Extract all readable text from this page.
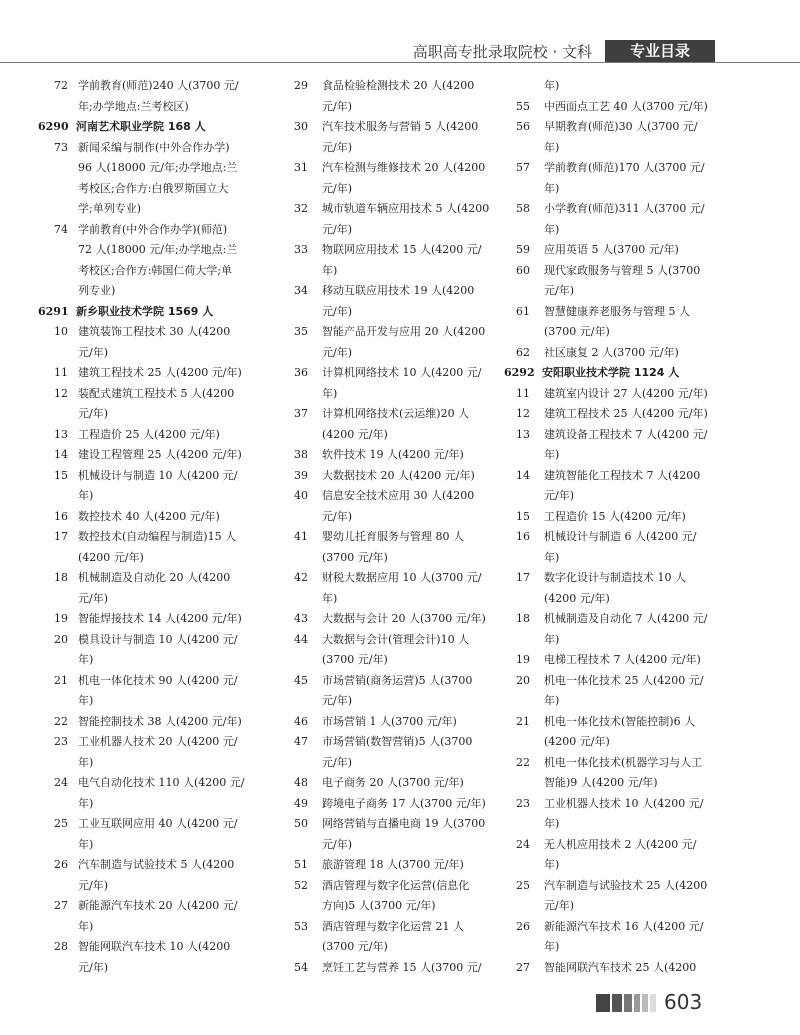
高职高专批录取院校 · 文科	专业目录
72 学前教育(师范)240 人(3700 元/
年;办学地点:兰考校区)
6290 河南艺术职业学院 168 人
73 新闻采编与制作(中外合作办学)
96 人(18000 元/年;办学地点:兰
考校区;合作方:白俄罗斯国立大
学;单列专业)
74 学前教育(中外合作办学)(师范)
72 人(18000 元/年;办学地点:兰
考校区;合作方:韩国仁荷大学;单
列专业)
6291 新乡职业技术学院 1569 人
10 建筑装饰工程技术 30 人(4200
元/年)
11 建筑工程技术 25 人(4200 元/年)
12 装配式建筑工程技术 5 人(4200
元/年)
13 工程造价 25 人(4200 元/年)
14 建设工程管理 25 人(4200 元/年)
15 机械设计与制造 10 人(4200 元/
年)
16 数控技术 40 人(4200 元/年)
17 数控技术(自动编程与制造)15 人
(4200 元/年)
18 机械制造及自动化 20 人(4200
元/年)
19 智能焊接技术 14 人(4200 元/年)
20 模具设计与制造 10 人(4200 元/
年)
21 机电一体化技术 90 人(4200 元/
年)
22 智能控制技术 38 人(4200 元/年)
23 工业机器人技术 20 人(4200 元/
年)
24 电气自动化技术 110 人(4200 元/
年)
25 工业互联网应用 40 人(4200 元/
年)
26 汽车制造与试验技术 5 人(4200
元/年)
27 新能源汽车技术 20 人(4200 元/
年)
28 智能网联汽车技术 10 人(4200
元/年)
29 食品检验检测技术 20 人(4200
元/年)
30 汽车技术服务与营销 5 人(4200
元/年)
31 汽车检测与维修技术 20 人(4200
元/年)
32 城市轨道车辆应用技术 5 人(4200
元/年)
33 物联网应用技术 15 人(4200 元/
年)
34 移动互联应用技术 19 人(4200
元/年)
35 智能产品开发与应用 20 人(4200
元/年)
36 计算机网络技术 10 人(4200 元/
年)
37 计算机网络技术(云运维)20 人
(4200 元/年)
38 软件技术 19 人(4200 元/年)
39 大数据技术 20 人(4200 元/年)
40 信息安全技术应用 30 人(4200
元/年)
41 婴幼儿托育服务与管理 80 人
(3700 元/年)
42 财税大数据应用 10 人(3700 元/
年)
43 大数据与会计 20 人(3700 元/年)
44 大数据与会计(管理会计)10 人
(3700 元/年)
45 市场营销(商务运营)5 人(3700
元/年)
46 市场营销 1 人(3700 元/年)
47 市场营销(数智营销)5 人(3700
元/年)
48 电子商务 20 人(3700 元/年)
49 跨境电子商务 17 人(3700 元/年)
50 网络营销与直播电商 19 人(3700
元/年)
51 旅游管理 18 人(3700 元/年)
52 酒店管理与数字化运营(信息化
方向)5 人(3700 元/年)
53 酒店管理与数字化运营 21 人
(3700 元/年)
54 烹饪工艺与营养 15 人(3700 元/
年)
55 中西面点工艺 40 人(3700 元/年)
56 早期教育(师范)30 人(3700 元/
年)
57 学前教育(师范)170 人(3700 元/
年)
58 小学教育(师范)311 人(3700 元/
年)
59 应用英语 5 人(3700 元/年)
60 现代家政服务与管理 5 人(3700
元/年)
61 智慧健康养老服务与管理 5 人
(3700 元/年)
62 社区康复 2 人(3700 元/年)
6292 安阳职业技术学院 1124 人
11 建筑室内设计 27 人(4200 元/年)
12 建筑工程技术 25 人(4200 元/年)
13 建筑设备工程技术 7 人(4200 元/
年)
14 建筑智能化工程技术 7 人(4200
元/年)
15 工程造价 15 人(4200 元/年)
16 机械设计与制造 6 人(4200 元/
年)
17 数字化设计与制造技术 10 人
(4200 元/年)
18 机械制造及自动化 7 人(4200 元/
年)
19 电梯工程技术 7 人(4200 元/年)
20 机电一体化技术 25 人(4200 元/
年)
21 机电一体化技术(智能控制)6 人
(4200 元/年)
22 机电一体化技术(机器学习与人工
智能)9 人(4200 元/年)
23 工业机器人技术 10 人(4200 元/
年)
24 无人机应用技术 2 人(4200 元/
年)
25 汽车制造与试验技术 25 人(4200
元/年)
26 新能源汽车技术 16 人(4200 元/
年)
27 智能网联汽车技术 25 人(4200
603
